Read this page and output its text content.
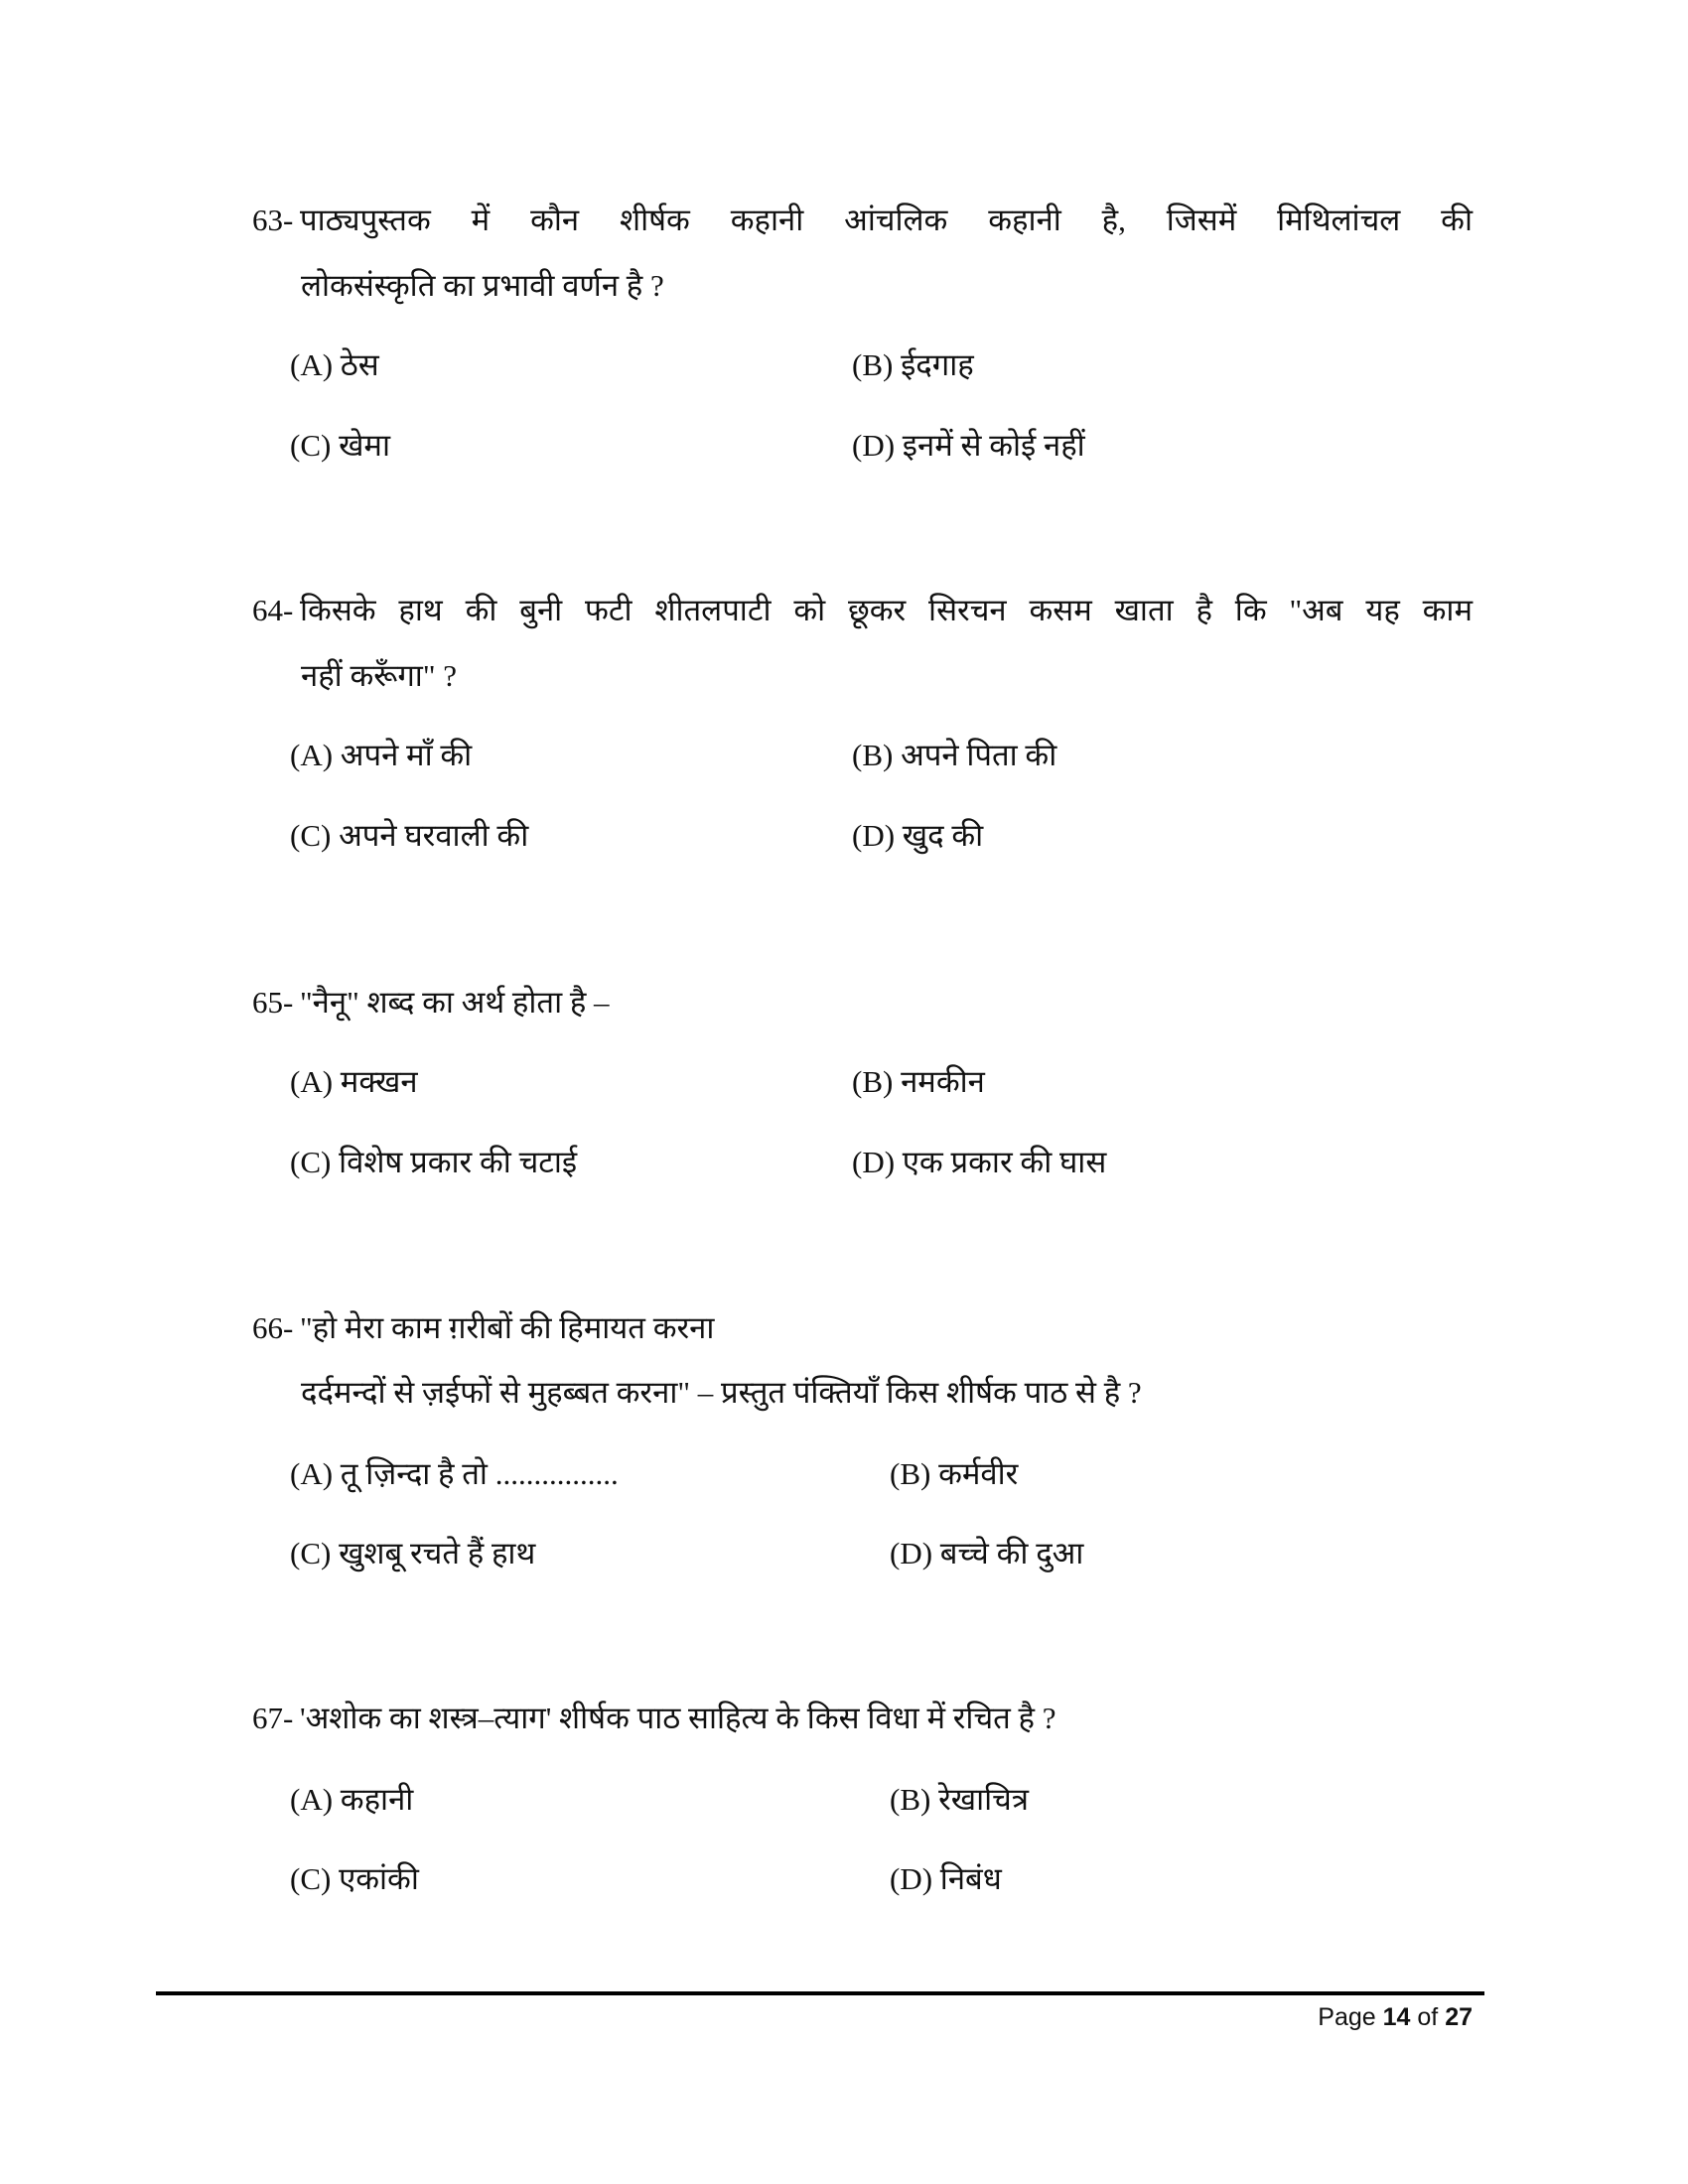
63- पाठ्यपुस्तक में कौन शीर्षक कहानी आंचलिक कहानी है, जिसमें मिथिलांचल की
लोकसंस्कृति का प्रभावी वर्णन है ?
(A) ठेस	(B) ईदगाह
(C) खेमा	(D) इनमें से कोई नहीं
64- किसके हाथ की बुनी फटी शीतलपाटी को छूकर सिरचन कसम खाता है कि "अब यह काम
नहीं करूँगा" ?
(A) अपने माँ की	(B) अपने पिता की
(C) अपने घरवाली की	(D) खुद की
65- "नैनू" शब्द का अर्थ होता है –
(A) मक्खन	(B) नमकीन
(C) विशेष प्रकार की चटाई	(D) एक प्रकार की घास
66- "हो मेरा काम ग़रीबों की हिमायत करना
दर्दमन्दों से ज़ईफों से मुहब्बत करना" – प्रस्तुत पंक्तियाँ किस शीर्षक पाठ से है ?
(A) तू ज़िन्दा है तो ................	(B) कर्मवीर
(C) खुशबू रचते हैं हाथ	(D) बच्चे की दुआ
67- 'अशोक का शस्त्र–त्याग' शीर्षक पाठ साहित्य के किस विधा में रचित है ?
(A) कहानी	(B) रेखाचित्र
(C) एकांकी	(D) निबंध
Page 14 of 27
